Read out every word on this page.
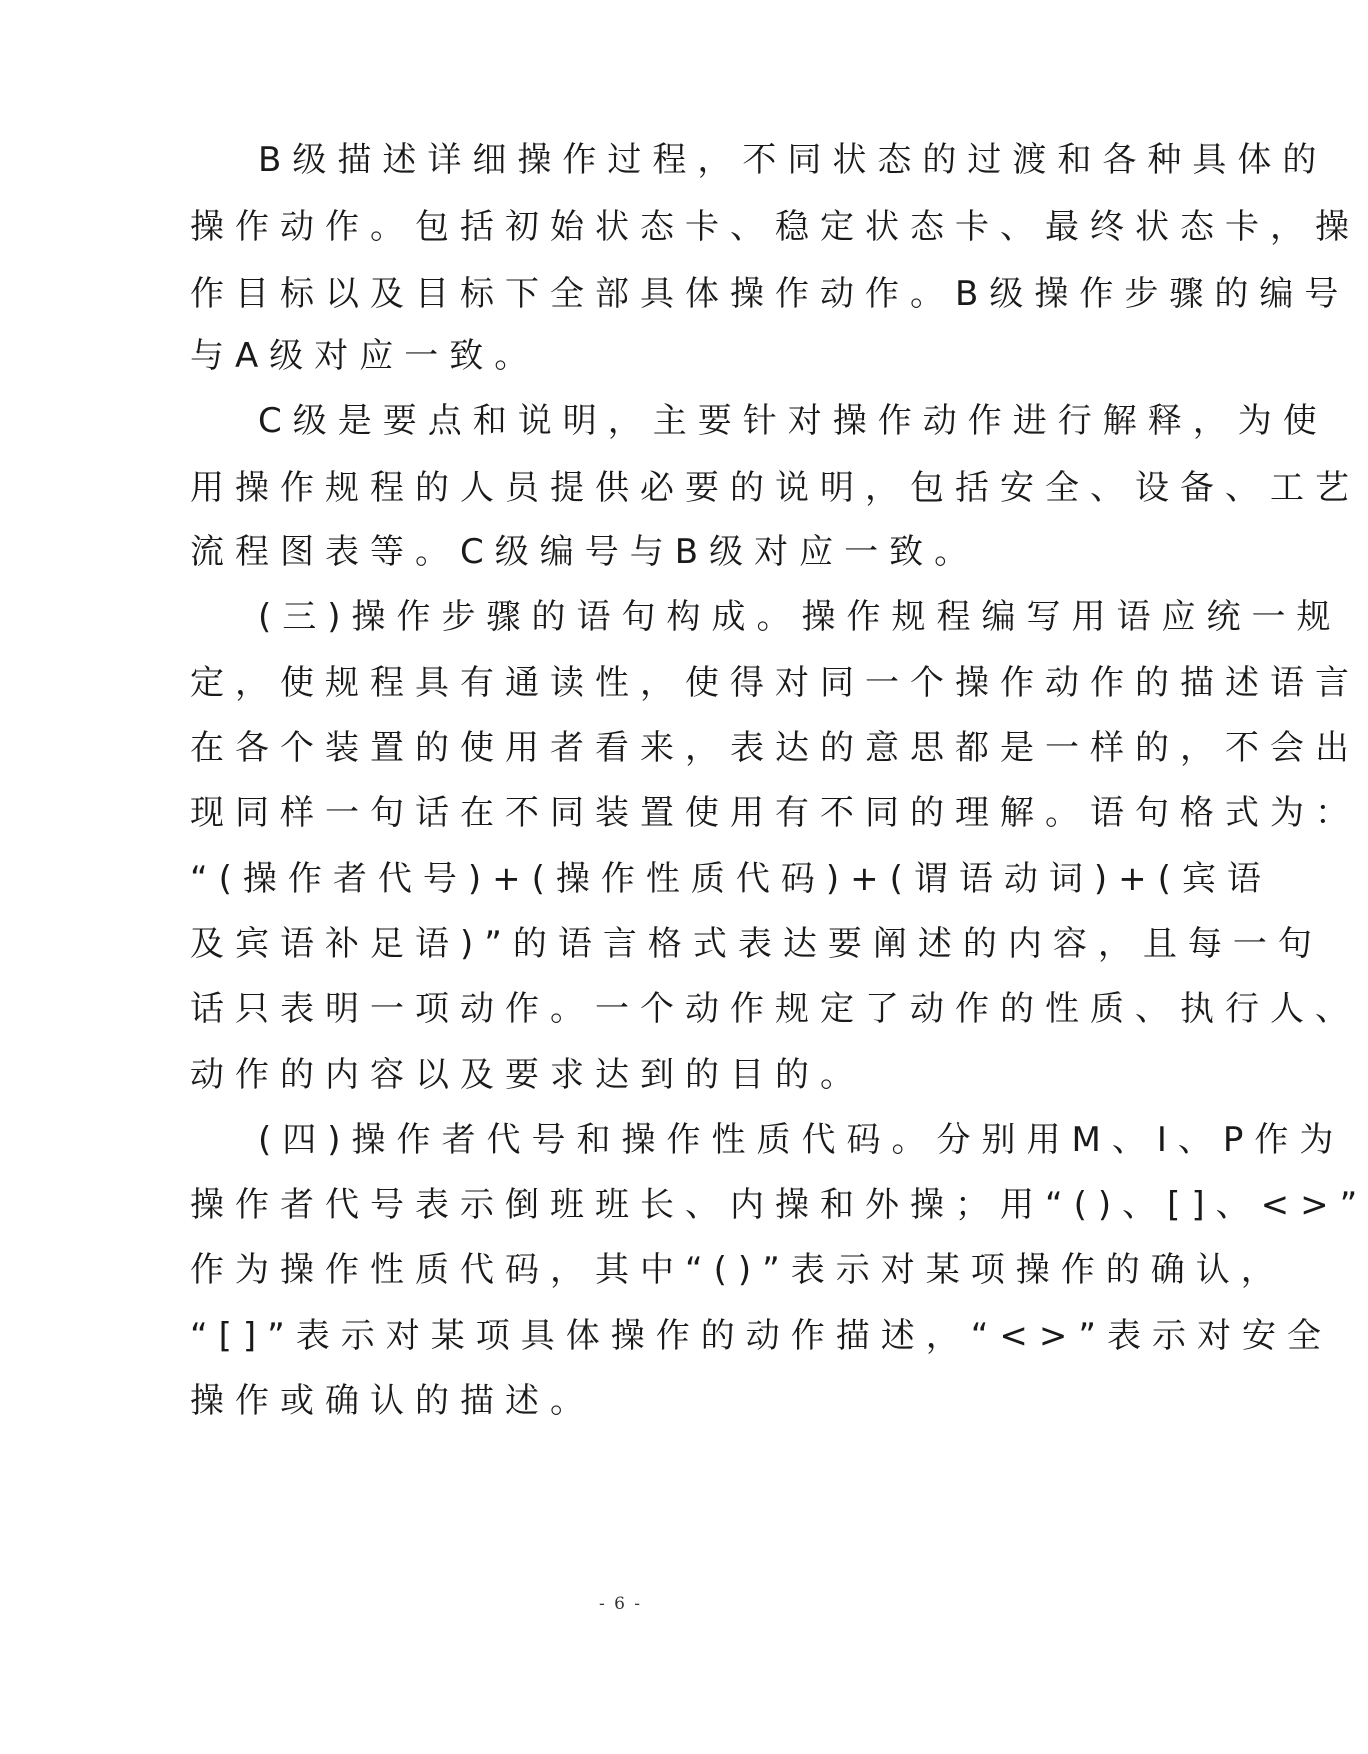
B级描述详细操作过程，不同状态的过渡和各种具体的
操作动作。包括初始状态卡、稳定状态卡、最终状态卡，操
作目标以及目标下全部具体操作动作。B级操作步骤的编号
与A级对应一致。
C级是要点和说明，主要针对操作动作进行解释，为使
用操作规程的人员提供必要的说明，包括安全、设备、工艺
流程图表等。C级编号与B级对应一致。
(三)操作步骤的语句构成。操作规程编写用语应统一规
定，使规程具有通读性，使得对同一个操作动作的描述语言
在各个装置的使用者看来，表达的意思都是一样的，不会出
现同样一句话在不同装置使用有不同的理解。语句格式为：
“(操作者代号)+(操作性质代码)+(谓语动词)+(宾语
及宾语补足语)”的语言格式表达要阐述的内容，且每一句
话只表明一项动作。一个动作规定了动作的性质、执行人、
动作的内容以及要求达到的目的。
(四)操作者代号和操作性质代码。分别用M、I、P作为
操作者代号表示倒班班长、内操和外操；用“()、[]、<>”
作为操作性质代码，其中“()”表示对某项操作的确认，
“[]”表示对某项具体操作的动作描述，“<>”表示对安全
操作或确认的描述。
- 6 -
